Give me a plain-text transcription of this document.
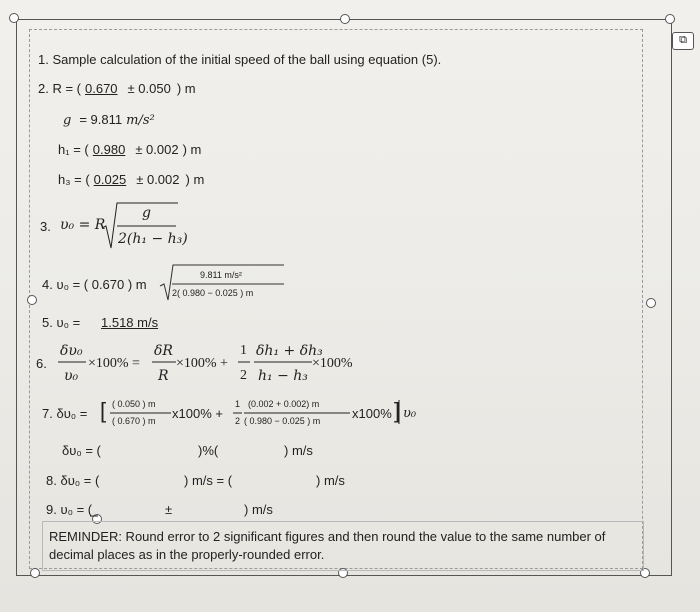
⧉
1. Sample calculation of the initial speed of the ball using equation (5).
2. R = ( 0.670 ± 0.050 ) m
g = 9.811 m/s²
h₁ = ( 0.980 ± 0.002 ) m
h₃ = ( 0.025 ± 0.002 ) m
3. υ₀ = R
g
2(h₁ − h₃)
4. υ₀ = ( 0.670 ) m
9.811 m/s²
2( 0.980 − 0.025 ) m
5. υ₀ = 1.518 m/s
6.
δυ₀
υ₀
×100% =
δR
R
×100% +
1
2
δh₁ + δh₃
h₁ − h₃
×100%
7. δυ₀ = [ ( 0.050 ) m
( 0.670 ) m x100% +
1
2
(0.002 + 0.002) m
( 0.980 − 0.025 ) m x100% ] υ₀
δυ₀ = (	)%(	) m/s
8. δυ₀ = (	) m/s = (	) m/s
9. υ₀ = (	±	) m/s
REMINDER: Round error to 2 significant figures and then round the value to the same number of decimal places as in the properly-rounded error.
